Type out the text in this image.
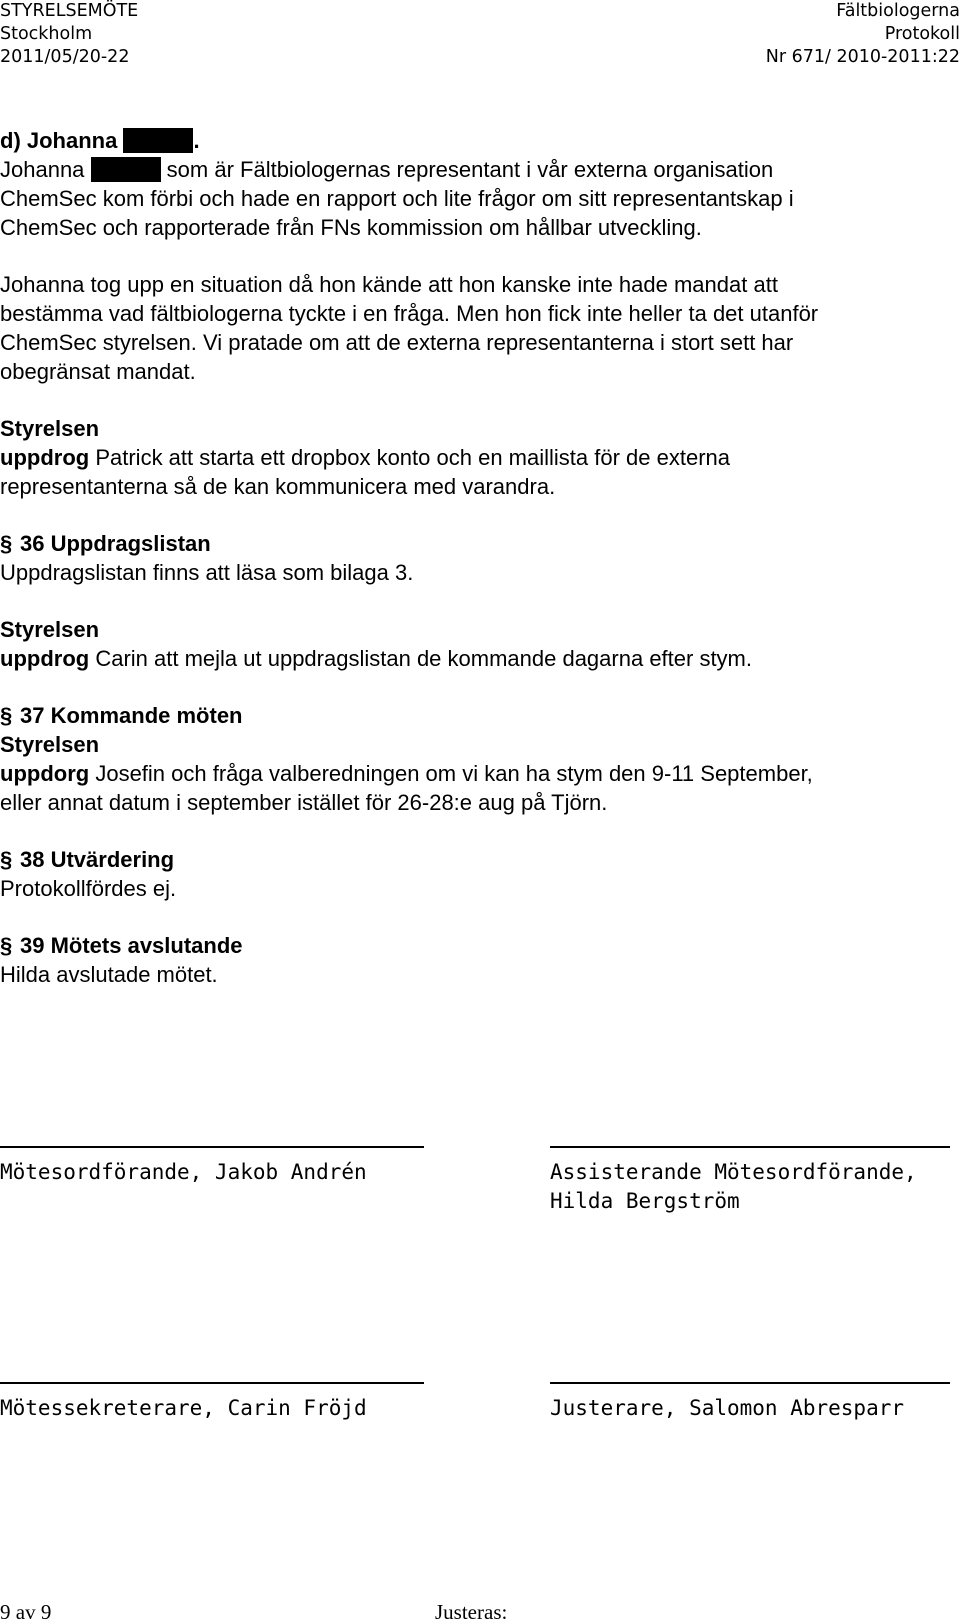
STYRELSEMÖTE
Stockholm
2011/05/20-22
Fältbiologerna
Protokoll
Nr 671/ 2010-2011:22

d) Johanna	.

Johanna	som är Fältbiologernas representant i vår externa organisation
ChemSec kom förbi och hade en rapport och lite frågor om sitt representantskap i
ChemSec och rapporterade från FNs kommission om hållbar utveckling.

Johanna tog upp en situation då hon kände att hon kanske inte hade mandat att
bestämma vad fältbiologerna tyckte i en fråga. Men hon fick inte heller ta det utanför
ChemSec styrelsen. Vi pratade om att de externa representanterna i stort sett har
obegränsat mandat.

Styrelsen
uppdrog Patrick att starta ett dropbox konto och en maillista för de externa
representanterna så de kan kommunicera med varandra.

§ 36 Uppdragslistan

Uppdragslistan finns att läsa som bilaga 3.

Styrelsen
uppdrog Carin att mejla ut uppdragslistan de kommande dagarna efter stym.

§ 37 Kommande möten

Styrelsen
uppdorg Josefin och fråga valberedningen om vi kan ha stym den 9-11 September,
eller annat datum i september istället för 26-28:e aug på Tjörn.

§ 38 Utvärdering

Protokollfördes ej.

§ 39 Mötets avslutande

Hilda avslutade mötet.

Mötesordförande, Jakob Andrén	Assisterande Mötesordförande,
Hilda Bergström
Mötessekreterare, Carin Fröjd	Justerare, Salomon Abresparr
9 av 9	Justeras:
